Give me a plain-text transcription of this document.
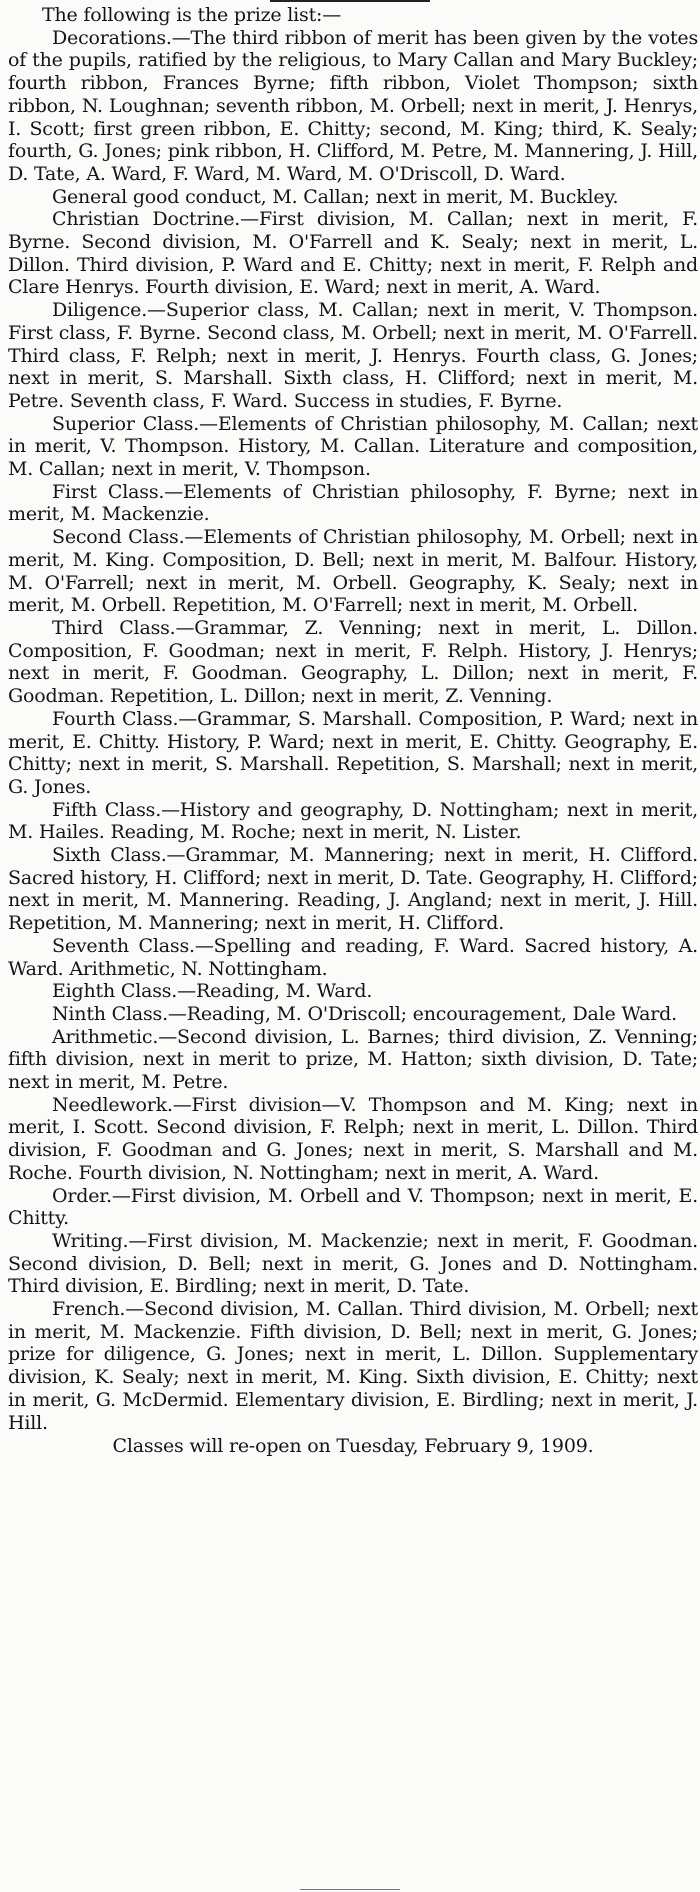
The following is the prize list:—

Decorations.—The third ribbon of merit has been given by the votes of the pupils, ratified by the religious, to Mary Callan and Mary Buckley; fourth ribbon, Frances Byrne; fifth ribbon, Violet Thompson; sixth ribbon, N. Loughnan; seventh ribbon, M. Orbell; next in merit, J. Henrys, I. Scott; first green ribbon, E. Chitty; second, M. King; third, K. Sealy; fourth, G. Jones; pink ribbon, H. Clifford, M. Petre, M. Mannering, J. Hill, D. Tate, A. Ward, F. Ward, M. Ward, M. O'Driscoll, D. Ward.

General good conduct, M. Callan; next in merit, M. Buckley.

Christian Doctrine.—First division, M. Callan; next in merit, F. Byrne. Second division, M. O'Farrell and K. Sealy; next in merit, L. Dillon. Third division, P. Ward and E. Chitty; next in merit, F. Relph and Clare Henrys. Fourth division, E. Ward; next in merit, A. Ward.

Diligence.—Superior class, M. Callan; next in merit, V. Thompson. First class, F. Byrne. Second class, M. Orbell; next in merit, M. O'Farrell. Third class, F. Relph; next in merit, J. Henrys. Fourth class, G. Jones; next in merit, S. Marshall. Sixth class, H. Clifford; next in merit, M. Petre. Seventh class, F. Ward. Success in studies, F. Byrne.

Superior Class.—Elements of Christian philosophy, M. Callan; next in merit, V. Thompson. History, M. Callan. Literature and composition, M. Callan; next in merit, V. Thompson.

First Class.—Elements of Christian philosophy, F. Byrne; next in merit, M. Mackenzie.

Second Class.—Elements of Christian philosophy, M. Orbell; next in merit, M. King. Composition, D. Bell; next in merit, M. Balfour. History, M. O'Farrell; next in merit, M. Orbell. Geography, K. Sealy; next in merit, M. Orbell. Repetition, M. O'Farrell; next in merit, M. Orbell.

Third Class.—Grammar, Z. Venning; next in merit, L. Dillon. Composition, F. Goodman; next in merit, F. Relph. History, J. Henrys; next in merit, F. Goodman. Geography, L. Dillon; next in merit, F. Goodman. Repetition, L. Dillon; next in merit, Z. Venning.

Fourth Class.—Grammar, S. Marshall. Composition, P. Ward; next in merit, E. Chitty. History, P. Ward; next in merit, E. Chitty. Geography, E. Chitty; next in merit, S. Marshall. Repetition, S. Marshall; next in merit, G. Jones.

Fifth Class.—History and geography, D. Nottingham; next in merit, M. Hailes. Reading, M. Roche; next in merit, N. Lister.

Sixth Class.—Grammar, M. Mannering; next in merit, H. Clifford. Sacred history, H. Clifford; next in merit, D. Tate. Geography, H. Clifford; next in merit, M. Mannering. Reading, J. Angland; next in merit, J. Hill. Repetition, M. Mannering; next in merit, H. Clifford.

Seventh Class.—Spelling and reading, F. Ward. Sacred history, A. Ward. Arithmetic, N. Nottingham.

Eighth Class.—Reading, M. Ward.

Ninth Class.—Reading, M. O'Driscoll; encouragement, Dale Ward.

Arithmetic.—Second division, L. Barnes; third division, Z. Venning; fifth division, next in merit to prize, M. Hatton; sixth division, D. Tate; next in merit, M. Petre.

Needlework.—First division—V. Thompson and M. King; next in merit, I. Scott. Second division, F. Relph; next in merit, L. Dillon. Third division, F. Goodman and G. Jones; next in merit, S. Marshall and M. Roche. Fourth division, N. Nottingham; next in merit, A. Ward.

Order.—First division, M. Orbell and V. Thompson; next in merit, E. Chitty.

Writing.—First division, M. Mackenzie; next in merit, F. Goodman. Second division, D. Bell; next in merit, G. Jones and D. Nottingham. Third division, E. Birdling; next in merit, D. Tate.

French.—Second division, M. Callan. Third division, M. Orbell; next in merit, M. Mackenzie. Fifth division, D. Bell; next in merit, G. Jones; prize for diligence, G. Jones; next in merit, L. Dillon. Supplementary division, K. Sealy; next in merit, M. King. Sixth division, E. Chitty; next in merit, G. McDermid. Elementary division, E. Birdling; next in merit, J. Hill.

Classes will re-open on Tuesday, February 9, 1909.
